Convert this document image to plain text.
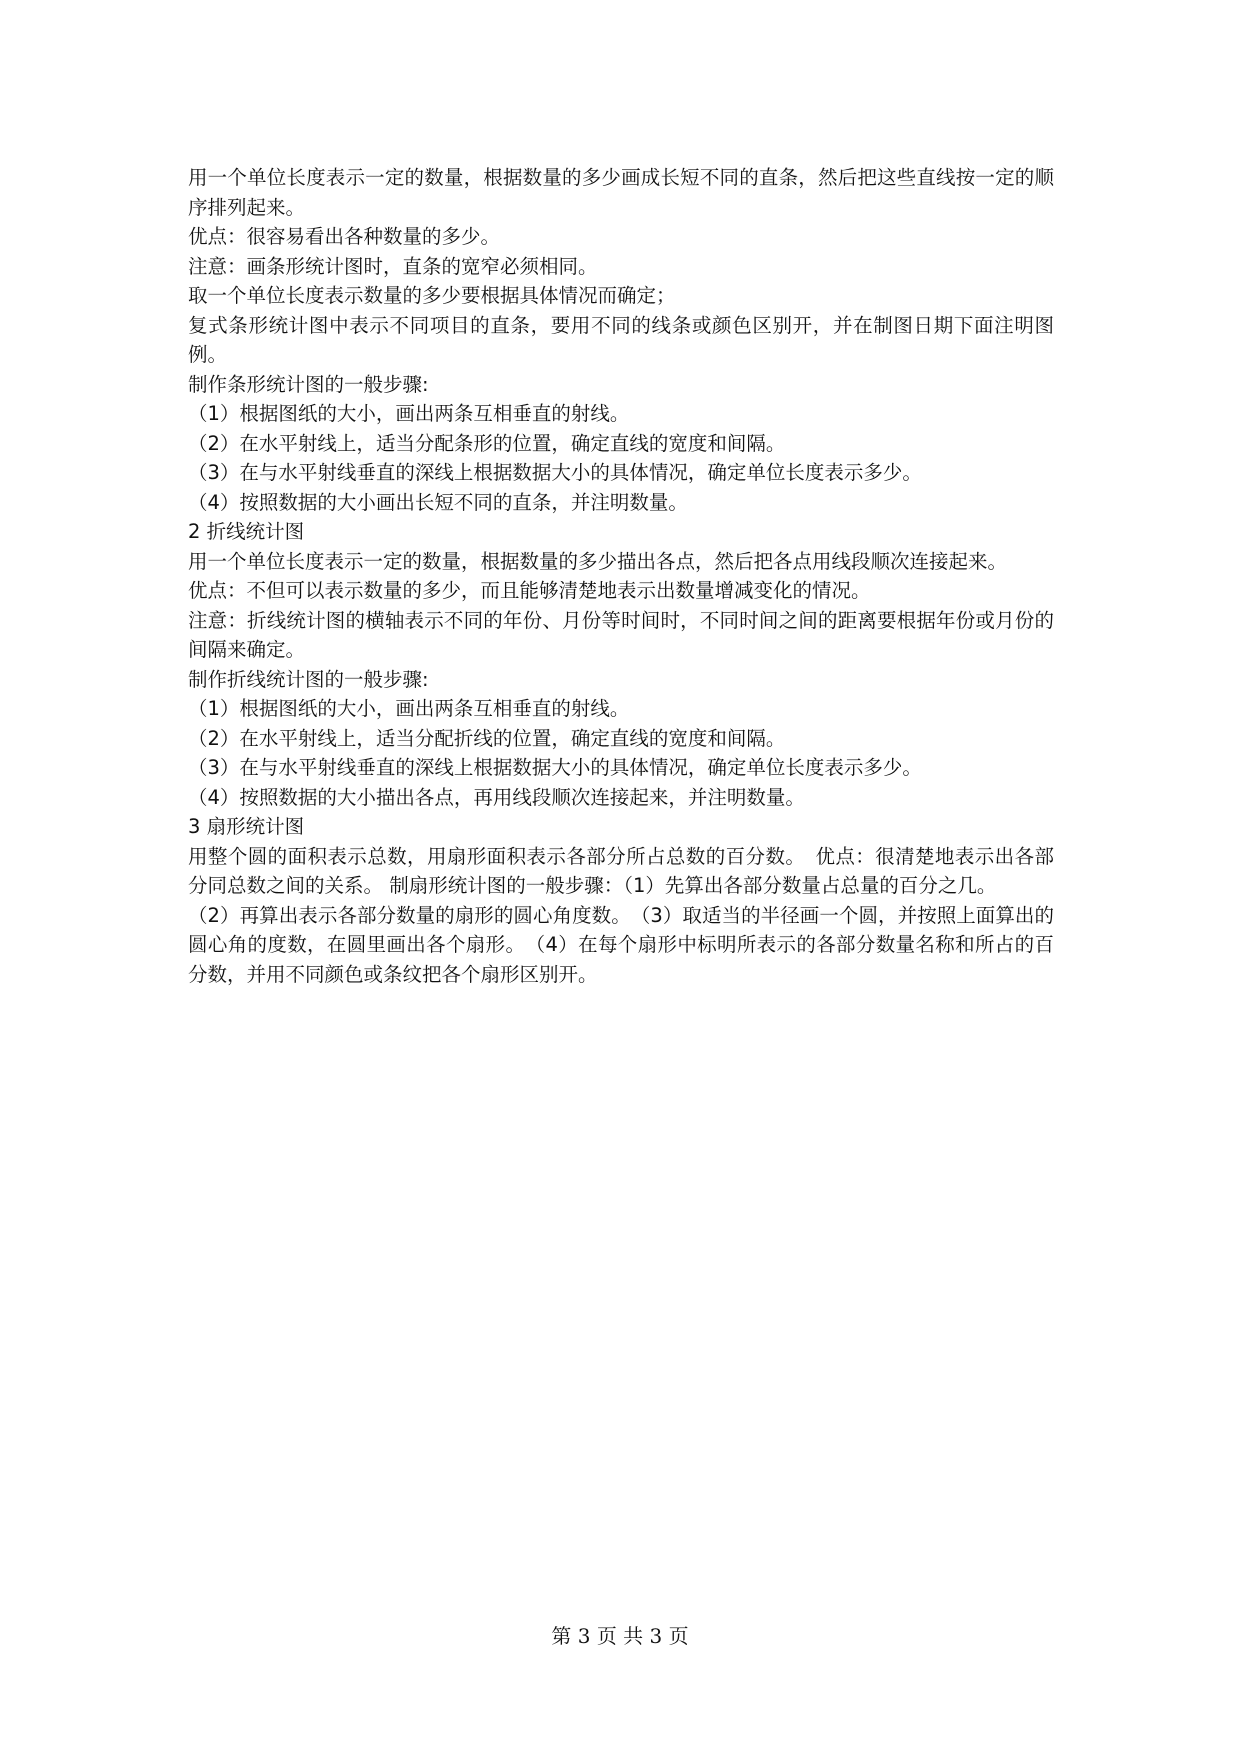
用一个单位长度表示一定的数量，根据数量的多少画成长短不同的直条，然后把这些直线按一定的顺序排列起来。

优点：很容易看出各种数量的多少。

注意：画条形统计图时，直条的宽窄必须相同。

取一个单位长度表示数量的多少要根据具体情况而确定；

复式条形统计图中表示不同项目的直条，要用不同的线条或颜色区别开，并在制图日期下面注明图例。

制作条形统计图的一般步骤:

（1）根据图纸的大小，画出两条互相垂直的射线。

（2）在水平射线上，适当分配条形的位置，确定直线的宽度和间隔。

（3）在与水平射线垂直的深线上根据数据大小的具体情况，确定单位长度表示多少。

（4）按照数据的大小画出长短不同的直条，并注明数量。

2 折线统计图

用一个单位长度表示一定的数量，根据数量的多少描出各点，然后把各点用线段顺次连接起来。

优点：不但可以表示数量的多少，而且能够清楚地表示出数量增减变化的情况。

注意：折线统计图的横轴表示不同的年份、月份等时间时，不同时间之间的距离要根据年份或月份的间隔来确定。

制作折线统计图的一般步骤:

（1）根据图纸的大小，画出两条互相垂直的射线。

（2）在水平射线上，适当分配折线的位置，确定直线的宽度和间隔。

（3）在与水平射线垂直的深线上根据数据大小的具体情况，确定单位长度表示多少。

（4）按照数据的大小描出各点，再用线段顺次连接起来，并注明数量。

3 扇形统计图

用整个圆的面积表示总数，用扇形面积表示各部分所占总数的百分数。　优点：很清楚地表示出各部分同总数之间的关系。 制扇形统计图的一般步骤：（1）先算出各部分数量占总量的百分之几。

（2）再算出表示各部分数量的扇形的圆心角度数。　（3）取适当的半径画一个圆，并按照上面算出的圆心角的度数，在圆里画出各个扇形。　（4）在每个扇形中标明所表示的各部分数量名称和所占的百分数，并用不同颜色或条纹把各个扇形区别开。

第 3 页 共 3 页
